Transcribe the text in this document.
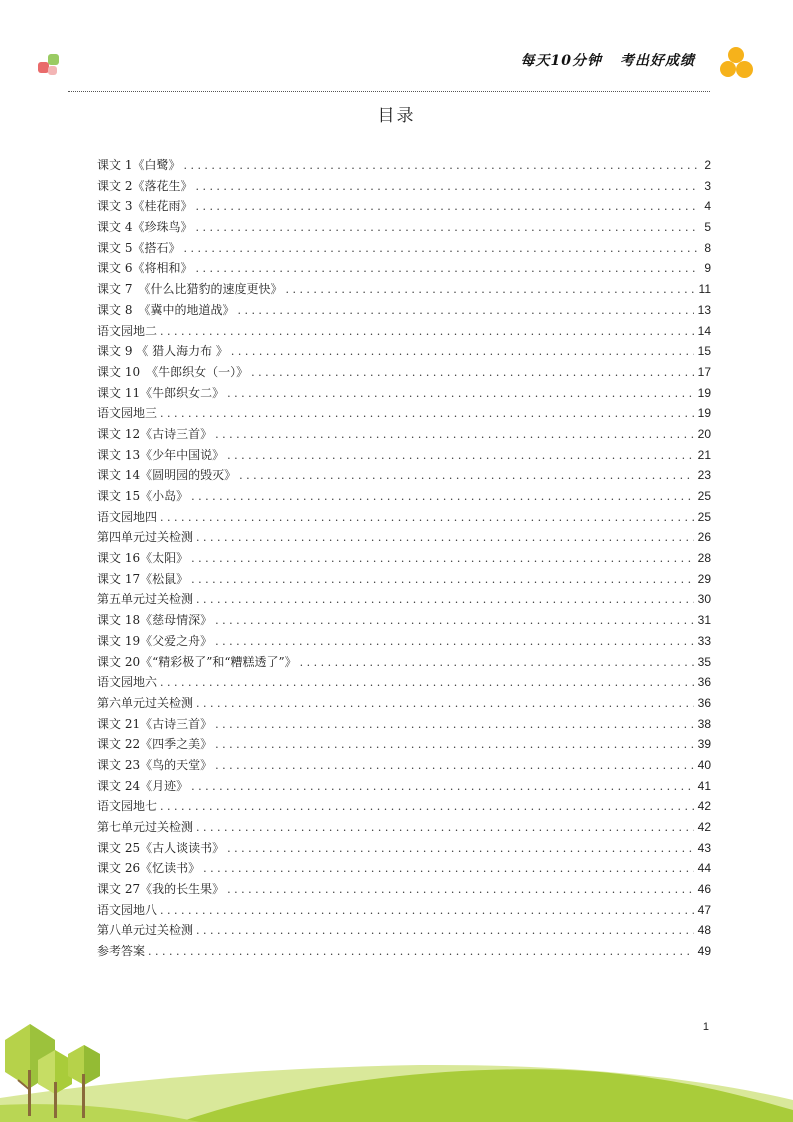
每天10分钟 考出好成绩
目录
课文 1《白鹭》 . . .	2
课文 2《落花生》 . . .	3
课文 3《桂花雨》 . . .	4
课文 4《珍珠鸟》 . . .	5
课文 5《搭石》 . . .	8
课文 6《将相和》 . . .	9
课文 7　《什么比猎豹的速度更快》 . . .	11
课文 8　《冀中的地道战》 . . .	13
语文园地二 . . .	14
课文 9 《 猎人海力布 》 . . .	15
课文 10　《牛郎织女（一）》 . . .	17
课文 11《牛郎织女二》 . . .	19
语文园地三 . . .	19
课文 12《古诗三首》 . . .	20
课文 13《少年中国说》 . . .	21
课文 14《圆明园的毁灭》 . . .	23
课文 15《小岛》 . . .	25
语文园地四 . . .	25
第四单元过关检测 . . .	26
课文 16《太阳》 . . .	28
课文 17《松鼠》 . . .	29
第五单元过关检测 . . .	30
课文 18《慈母情深》 . . .	31
课文 19《父爱之舟》 . . .	33
课文 20《“精彩极了”和“糟糕透了”》 . . .	35
语文园地六 . . .	36
第六单元过关检测 . . .	36
课文 21《古诗三首》 . . .	38
课文 22《四季之美》 . . .	39
课文 23《鸟的天堂》 . . .	40
课文 24《月迹》 . . .	41
语文园地七 . . .	42
第七单元过关检测 . . .	42
课文 25《古人谈读书》 . . .	43
课文 26《忆读书》 . . .	44
课文 27《我的长生果》 . . .	46
语文园地八 . . .	47
第八单元过关检测 . . .	48
参考答案 . . .	49
1
